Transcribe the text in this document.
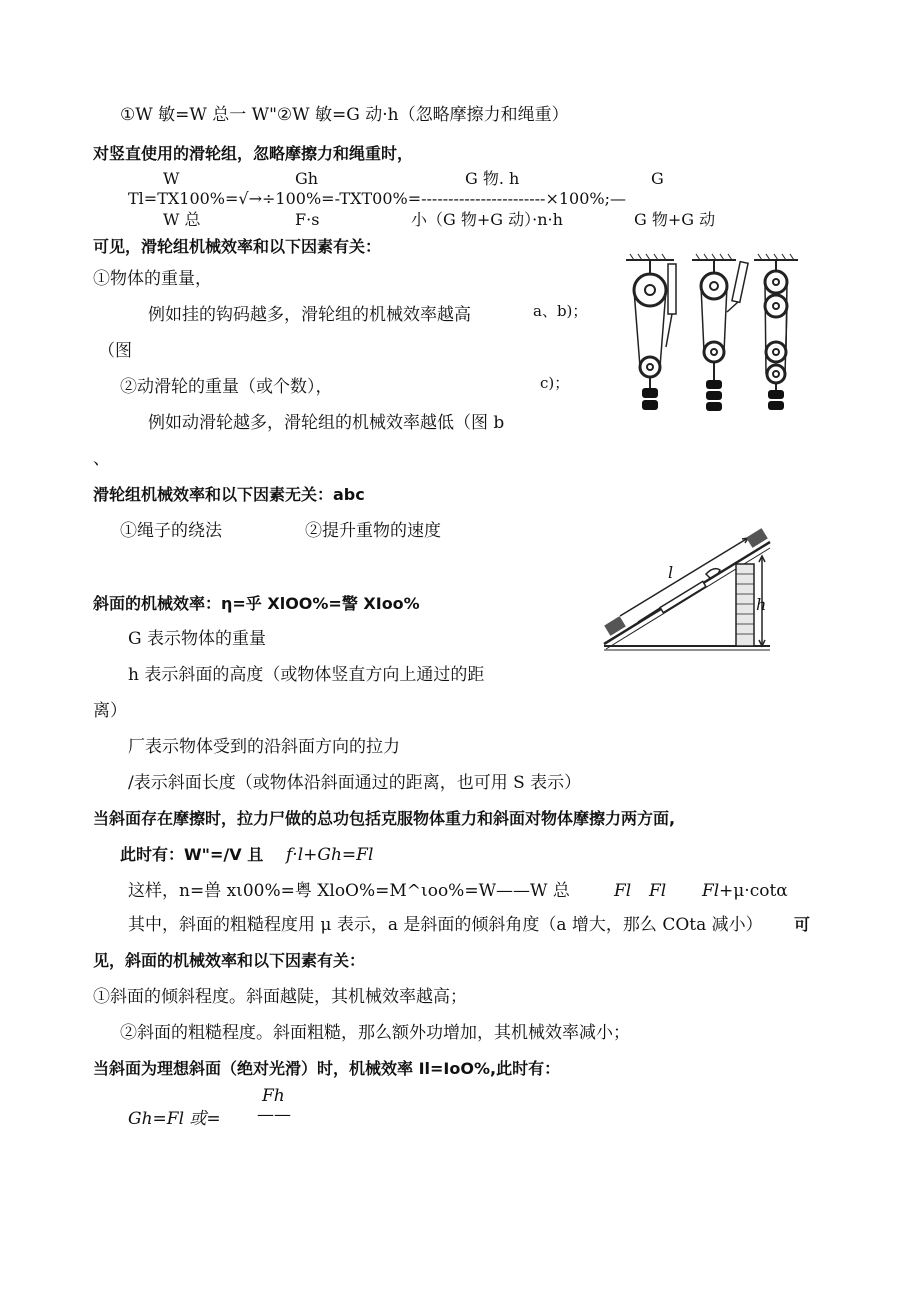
①W 敏=W 总一 W"②W 敏=G 动·h（忽略摩擦力和绳重）
对竖直使用的滑轮组，忽略摩擦力和绳重时，
W	Gh	G 物. h	G
Tl=TX100%=√→÷100%=-TXT00%=-----------------------×100%;—
W 总	F·s	小（G 物+G 动）·n·h	G 物+G 动
可见，滑轮组机械效率和以下因素有关：
①物体的重量，
例如挂的钩码越多，滑轮组的机械效率越高
（图
②动滑轮的重量（或个数），
例如动滑轮越多，滑轮组的机械效率越低（图 b
、
滑轮组机械效率和以下因素无关：abc
①绳子的绕法	②提升重物的速度
斜面的机械效率：η=乎 XlOO%=警 XIoo%
G 表示物体的重量
h 表示斜面的高度（或物体竖直方向上通过的距
离）
厂表示物体受到的沿斜面方向的拉力
/表示斜面长度（或物体沿斜面通过的距离，也可用 S 表示）
当斜面存在摩擦时，拉力尸做的总功包括克服物体重力和斜面对物体摩擦力两方面,
此时有：W"=/V 且 f·l+Gh=Fl
这样，n=兽 xι00%=粤 XloO%=M^ιoo%=W——W 总	Fl Fl Fl +μ·cotα
其中，斜面的粗糙程度用 μ 表示，a 是斜面的倾斜角度（a 增大，那么 COta 减小） 可
见，斜面的机械效率和以下因素有关：
①斜面的倾斜程度。斜面越陡，其机械效率越高；
②斜面的粗糙程度。斜面粗糙，那么额外功增加，其机械效率减小；
当斜面为理想斜面（绝对光滑）时，机械效率 Il=IoO%,此时有：
Fh
Gh=Fl 或= ——
a、b)；
c)；
l
h
